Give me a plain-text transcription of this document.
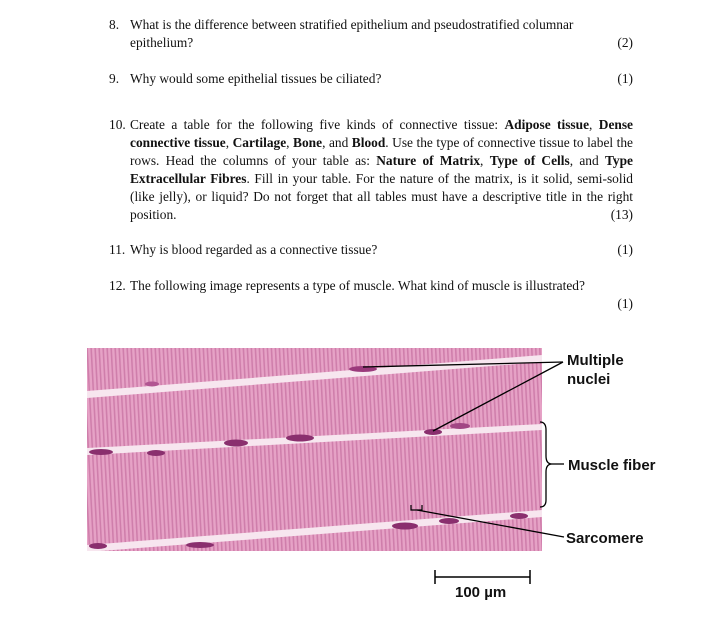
8. What is the difference between stratified epithelium and pseudostratified columnar
epithelium?	(2)
9.	(1)
Why would some epithelial tissues be ciliated?
10. Create a table for the following five kinds of connective tissue: Adipose tissue, Dense connective tissue, Cartilage, Bone, and Blood. Use the type of connective tissue to label the rows. Head the columns of your table as: Nature of Matrix, Type of Cells, and Type Extracellular Fibres. Fill in your table. For the nature of the matrix, is it solid, semi-solid (like jelly), or liquid? Do not forget that all tables must have a descriptive title in the right position.	(13)
11.	(1)
Why is blood regarded as a connective tissue?
12. The following image represents a type of muscle. What kind of muscle is illustrated?
(1)
Multiple
nuclei
Muscle fiber
Sarcomere
100 µm
